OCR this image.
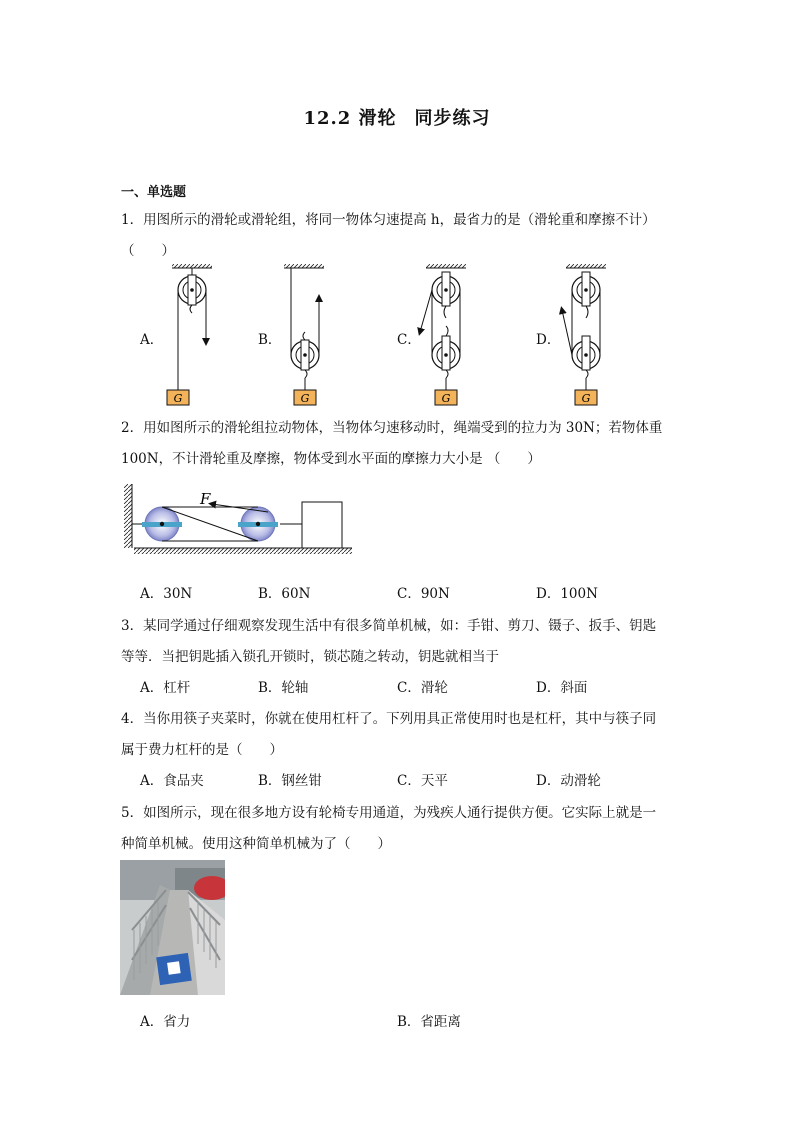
12.2 滑轮 同步练习
一、单选题
1．用图所示的滑轮或滑轮组，将同一物体匀速提高 h，最省力的是（滑轮重和摩擦不计）
（　　）
A．	B．	C．	D．
G	G	G	G
2．用如图所示的滑轮组拉动物体，当物体匀速移动时，绳端受到的拉力为 30N；若物体重
100N，不计滑轮重及摩擦，物体受到水平面的摩擦力大小是 （　　）
F
A．30N	B．60N	C．90N	D．100N
3．某同学通过仔细观察发现生活中有很多简单机械，如：手钳、剪刀、镊子、扳手、钥匙
等等．当把钥匙插入锁孔开锁时，锁芯随之转动，钥匙就相当于
A．杠杆	B．轮轴	C．滑轮	D．斜面
4．当你用筷子夹菜时，你就在使用杠杆了。下列用具正常使用时也是杠杆，其中与筷子同
属于费力杠杆的是（　　）
A．食品夹	B．钢丝钳	C．天平	D．动滑轮
5．如图所示，现在很多地方设有轮椅专用通道，为残疾人通行提供方便。它实际上就是一
种简单机械。使用这种简单机械为了（　　）
A．省力	B．省距离
